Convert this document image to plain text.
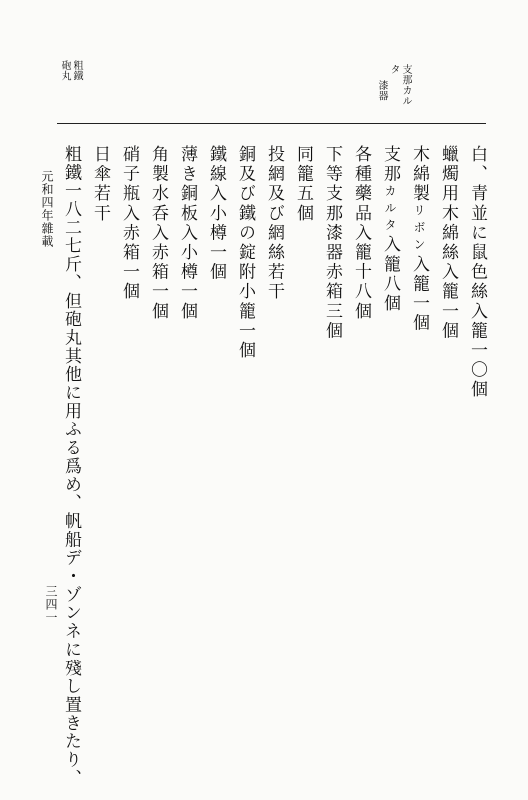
支那カル
タ
漆器
粗鐵
砲丸
白、青並に鼠色絲入籠一〇個
蠟燭用木綿絲入籠一個
木綿製リボン入籠一個
支那カルタ入籠八個
各種藥品入籠十八個
下等支那漆器赤箱三個
同籠五個
投網及び網絲若干
銅及び鐵の錠附小籠一個
鐵線入小樽一個
薄き銅板入小樽一個
角製水呑入赤箱一個
硝子瓶入赤箱一個
日傘若干
粗鐵一八二七斤、但砲丸其他に用ふる爲め、帆船デ・ゾンネに殘し置きたり、
元和四年雜載
三四一
